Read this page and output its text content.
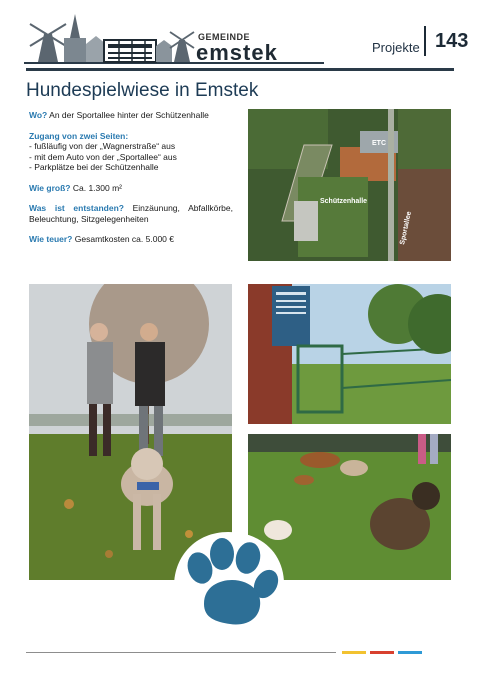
GEMEINDE
emstek	Projekte 143
Hundespielwiese in Emstek

Wo? An der Sportallee hinter der Schützenhalle

Zugang von zwei Seiten:

- fußläufig von der „Wagnerstraße“ aus
- mit dem Auto von der „Sportallee“ aus
- Parkplätze bei der Schützenhalle

Wie groß? Ca. 1.300 m²

Was ist entstanden? Einzäunung, Abfallkörbe, Beleuchtung, Sitzgelegenheiten

Wie teuer? Gesamtkosten ca. 5.000 €

ETC
Schützenhalle
Sportallee
